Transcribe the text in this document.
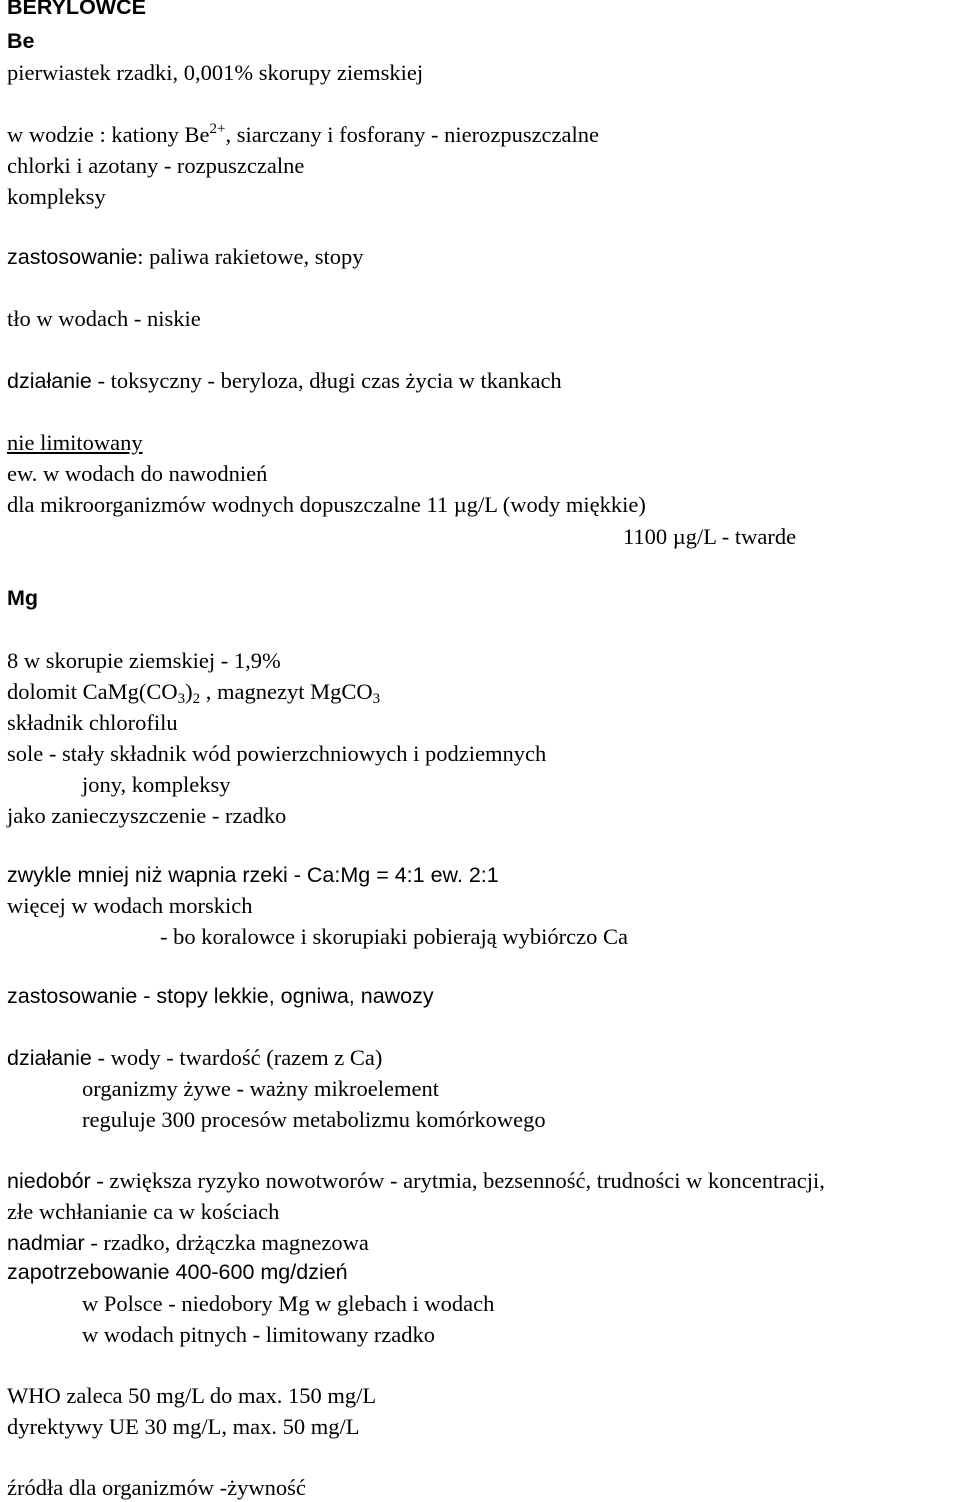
BERYLOWCE
Be
pierwiastek rzadki, 0,001% skorupy ziemskiej
w wodzie : kationy $Be^{2+}$, siarczany i fosforany - nierozpuszczalne
chlorki i azotany - rozpuszczalne
kompleksy
zastosowanie: paliwa rakietowe, stopy
tło w wodach - niskie
działanie - toksyczny - beryloza, długi czas życia w tkankach
nie limitowany
ew. w wodach do nawodnień
dla mikroorganizmów wodnych dopuszczalne 11 µg/L (wody miękkie)
1100 µg/L - twarde
Mg
8 w skorupie ziemskiej - 1,9%
dolomit $CaMg(CO_3)_2$ , magnezyt MgCO$_3$
składnik chlorofilu
sole - stały składnik wód powierzchniowych i podziemnych
jony, kompleksy
jako zanieczyszczenie - rzadko
zwykle mniej niż wapnia rzeki - Ca:Mg = 4:1 ew. 2:1
więcej w wodach morskich
- bo koralowce i skorupiaki pobierają wybiórczo Ca
zastosowanie - stopy lekkie, ogniwa, nawozy
działanie - wody - twardość (razem z Ca)
organizmy żywe - ważny mikroelement
reguluje 300 procesów metabolizmu komórkowego
niedobór - zwiększa ryzyko nowotworów - arytmia, bezsenność, trudności w koncentracji,
złe wchłanianie ca w kościach
nadmiar - rzadko, drżączka magnezowa
zapotrzebowanie 400-600 mg/dzień
w Polsce - niedobory Mg w glebach i wodach
w wodach pitnych - limitowany rzadko
WHO zaleca 50 mg/L do max. 150 mg/L
dyrektywy UE 30 mg/L, max. 50 mg/L
źródła dla organizmów -żywność
